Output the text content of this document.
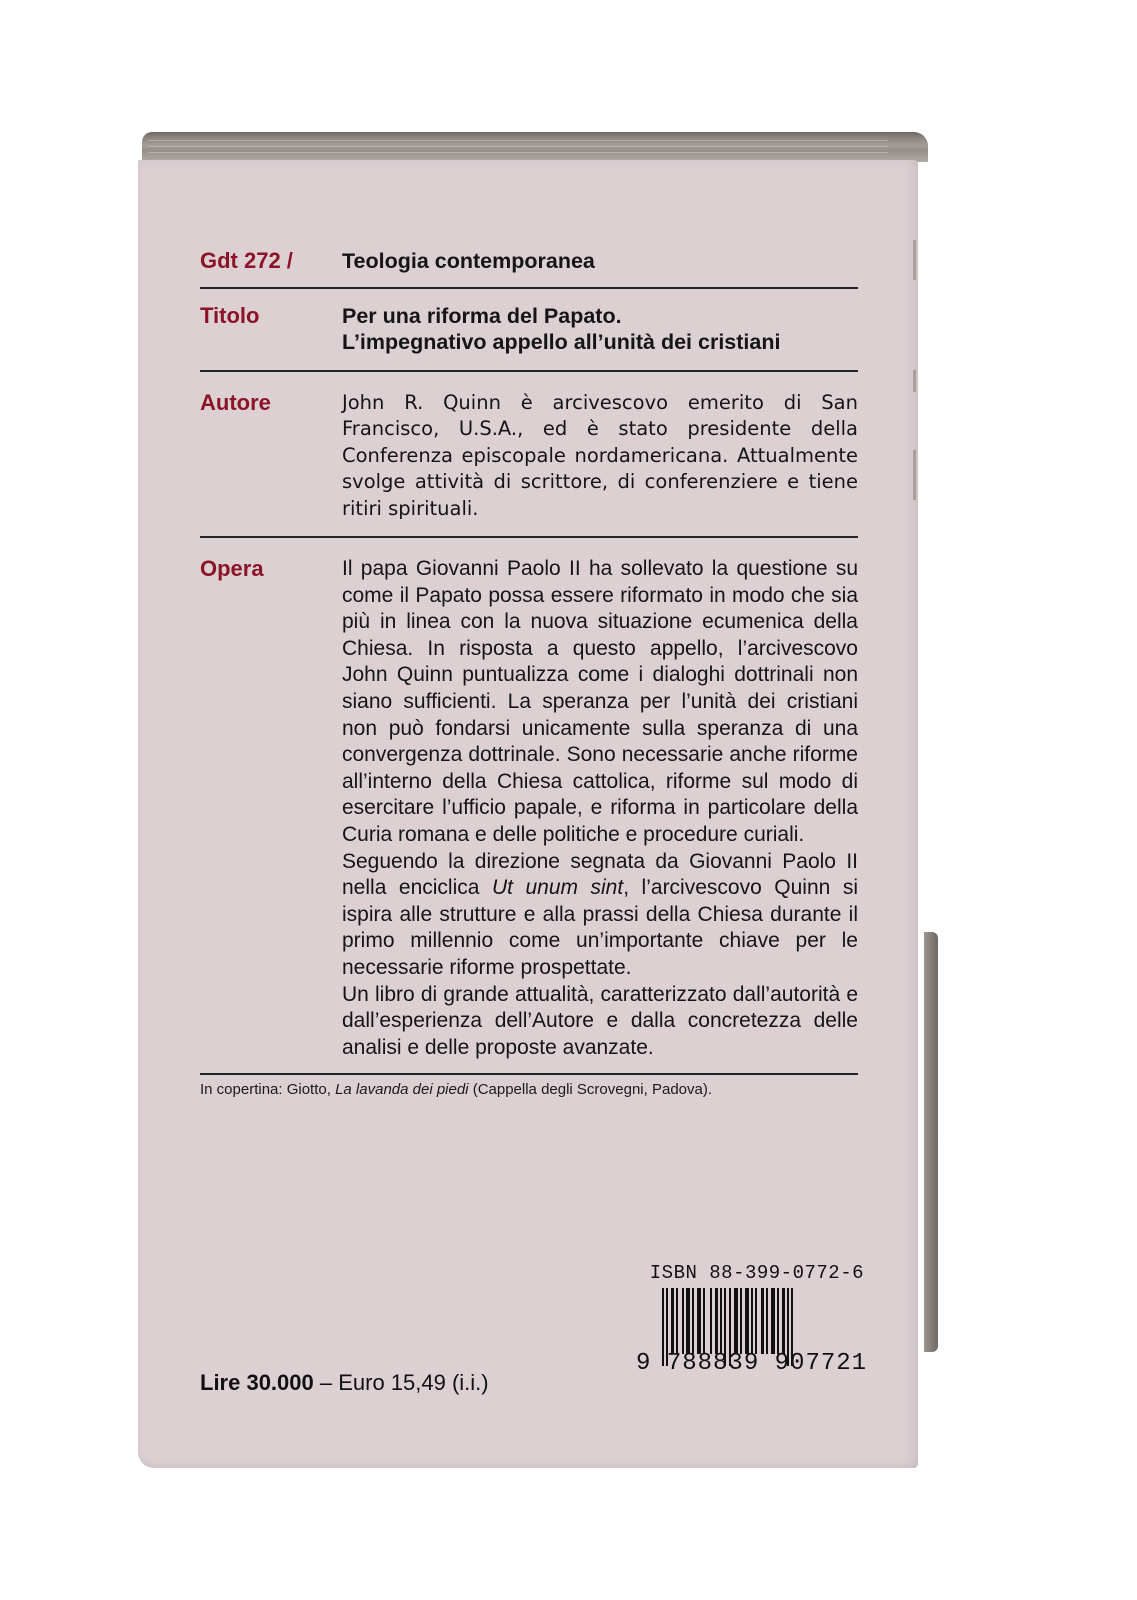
Gdt 272 /	Teologia contemporanea
Titolo	Per una riforma del Papato.
L’impegnativo appello all’unità dei cristiani
Autore	John R. Quinn è arcivescovo emerito di San Francisco, U.S.A., ed è stato presidente della Conferenza episcopale nordamericana. Attualmente svolge attività di scrittore, di conferenziere e tiene ritiri spirituali.
Opera	Il papa Giovanni Paolo II ha sollevato la questione su come il Papato possa essere riformato in modo che sia più in linea con la nuova situazione ecumenica della Chiesa. In risposta a questo appello, l’arcivescovo John Quinn puntualizza come i dialoghi dottrinali non siano sufficienti. La speranza per l’unità dei cristiani non può fondarsi unicamente sulla speranza di una convergenza dottrinale. Sono necessarie anche riforme all’interno della Chiesa cattolica, riforme sul modo di esercitare l’ufficio papale, e riforma in particolare della Curia romana e delle politiche e procedure curiali.
Seguendo la direzione segnata da Giovanni Paolo II nella enciclica Ut unum sint, l’arcivescovo Quinn si ispira alle strutture e alla prassi della Chiesa durante il primo millennio come un’importante chiave per le necessarie riforme prospettate.
Un libro di grande attualità, caratterizzato dall’autorità e dall’esperienza dell’Autore e dalla concretezza delle analisi e delle proposte avanzate.
In copertina: Giotto, La lavanda dei piedi (Cappella degli Scrovegni, Padova).
ISBN 88-399-0772-6
9 788839 907721
Lire 30.000 – Euro 15,49 (i.i.)
